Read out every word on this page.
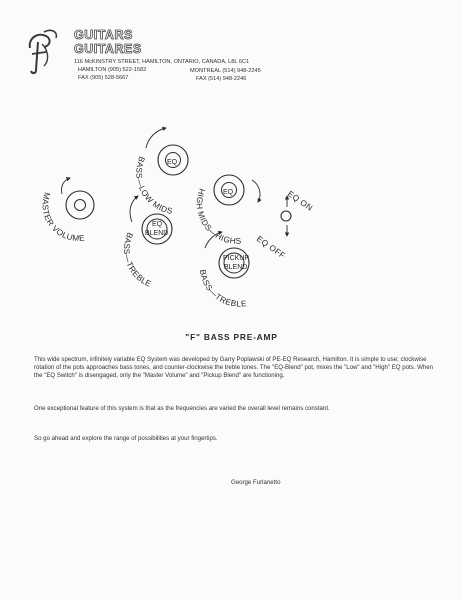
GUITARS
GUITARES
116 McKINSTRY STREET, HAMILTON, ONTARIO, CANADA, L8L 6C1
HAMILTON (905) 522-1582
FAX (905) 528-5667
MONTREAL (514) 948-2245
FAX (514) 948-2246
MASTER VOLUME
EQ
BASS—LOW MIDS
EQ
HIGH MIDS—HIGHS
EQ
BLEND
BASS—TREBLE
PICKUP
BLEND
BASS—TREBLE
EQ ON
EQ OFF
"F" BASS PRE-AMP

This wide spectrum, infinitely variable EQ System was developed by Garry Poplawski of PE-EQ Research, Hamilton. It is simple to use; clockwise rotation of the pots approaches bass tones, and counter-clockwise the treble tones. The "EQ-Blend" pot, mixes the "Low" and "High" EQ pots. When the "EQ Switch" is disengaged, only the "Master Volume" and "Pickup Blend" are functioning.

One exceptional feature of this system is that as the frequencies are varied the overall level remains constant.

So go ahead and explore the range of possibilities at your fingertips.

George Furlanetto
